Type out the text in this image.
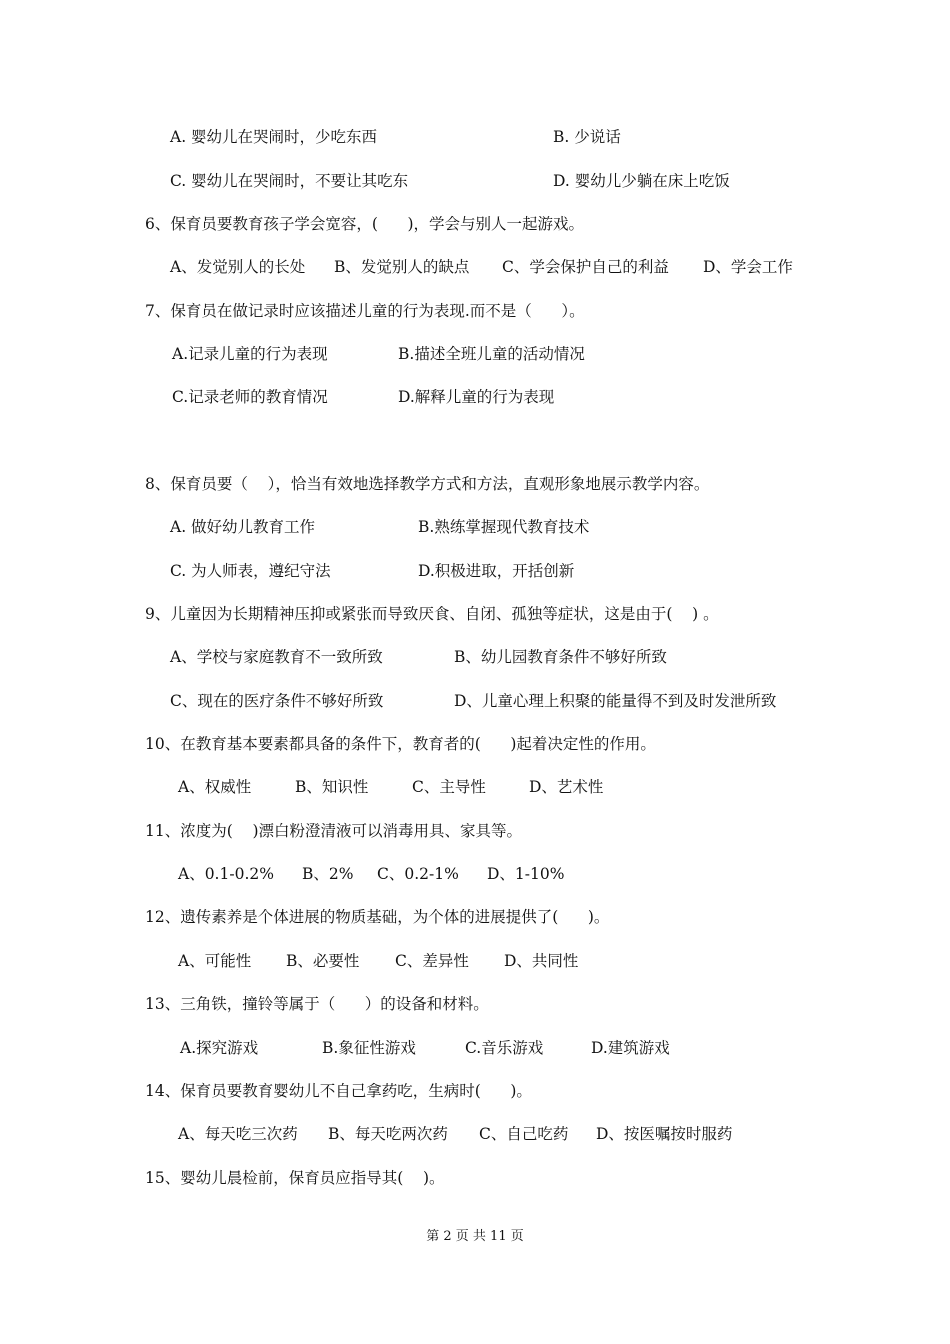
A. 婴幼儿在哭闹时，少吃东西	B. 少说话
C. 婴幼儿在哭闹时，不要让其吃东	D. 婴幼儿少躺在床上吃饭
6、保育员要教育孩子学会宽容，(      )，学会与别人一起游戏。
A、发觉别人的长处 B、发觉别人的缺点 C、学会保护自己的利益 D、学会工作
7、保育员在做记录时应该描述儿童的行为表现.而不是（      ）。
A.记录儿童的行为表现	B.描述全班儿童的活动情况
C.记录老师的教育情况	D.解释儿童的行为表现
8、保育员要（    ），恰当有效地选择教学方式和方法，直观形象地展示教学内容。
A. 做好幼儿教育工作	B.熟练掌握现代教育技术
C. 为人师表，遵纪守法	D.积极进取，开括创新
9、儿童因为长期精神压抑或紧张而导致厌食、自闭、孤独等症状，这是由于(    ) 。
A、学校与家庭教育不一致所致	B、幼儿园教育条件不够好所致
C、现在的医疗条件不够好所致	D、儿童心理上积聚的能量得不到及时发泄所致
10、在教育基本要素都具备的条件下，教育者的(      )起着决定性的作用。
A、权威性	B、知识性	C、主导性	D、艺术性
11、浓度为(    )漂白粉澄清液可以消毒用具、家具等。
A、0.1-0.2% B、2% C、0.2-1% D、1-10%
12、遗传素养是个体进展的物质基础，为个体的进展提供了(      )。
A、可能性 B、必要性 C、差异性 D、共同性
13、三角铁，撞铃等属于（      ）的设备和材料。
A.探究游戏	B.象征性游戏	C.音乐游戏	D.建筑游戏
14、保育员要教育婴幼儿不自己拿药吃，生病时(      )。
A、每天吃三次药 B、每天吃两次药 C、自己吃药 D、按医嘱按时服药
15、婴幼儿晨检前，保育员应指导其(    )。
第 2 页 共 11 页
